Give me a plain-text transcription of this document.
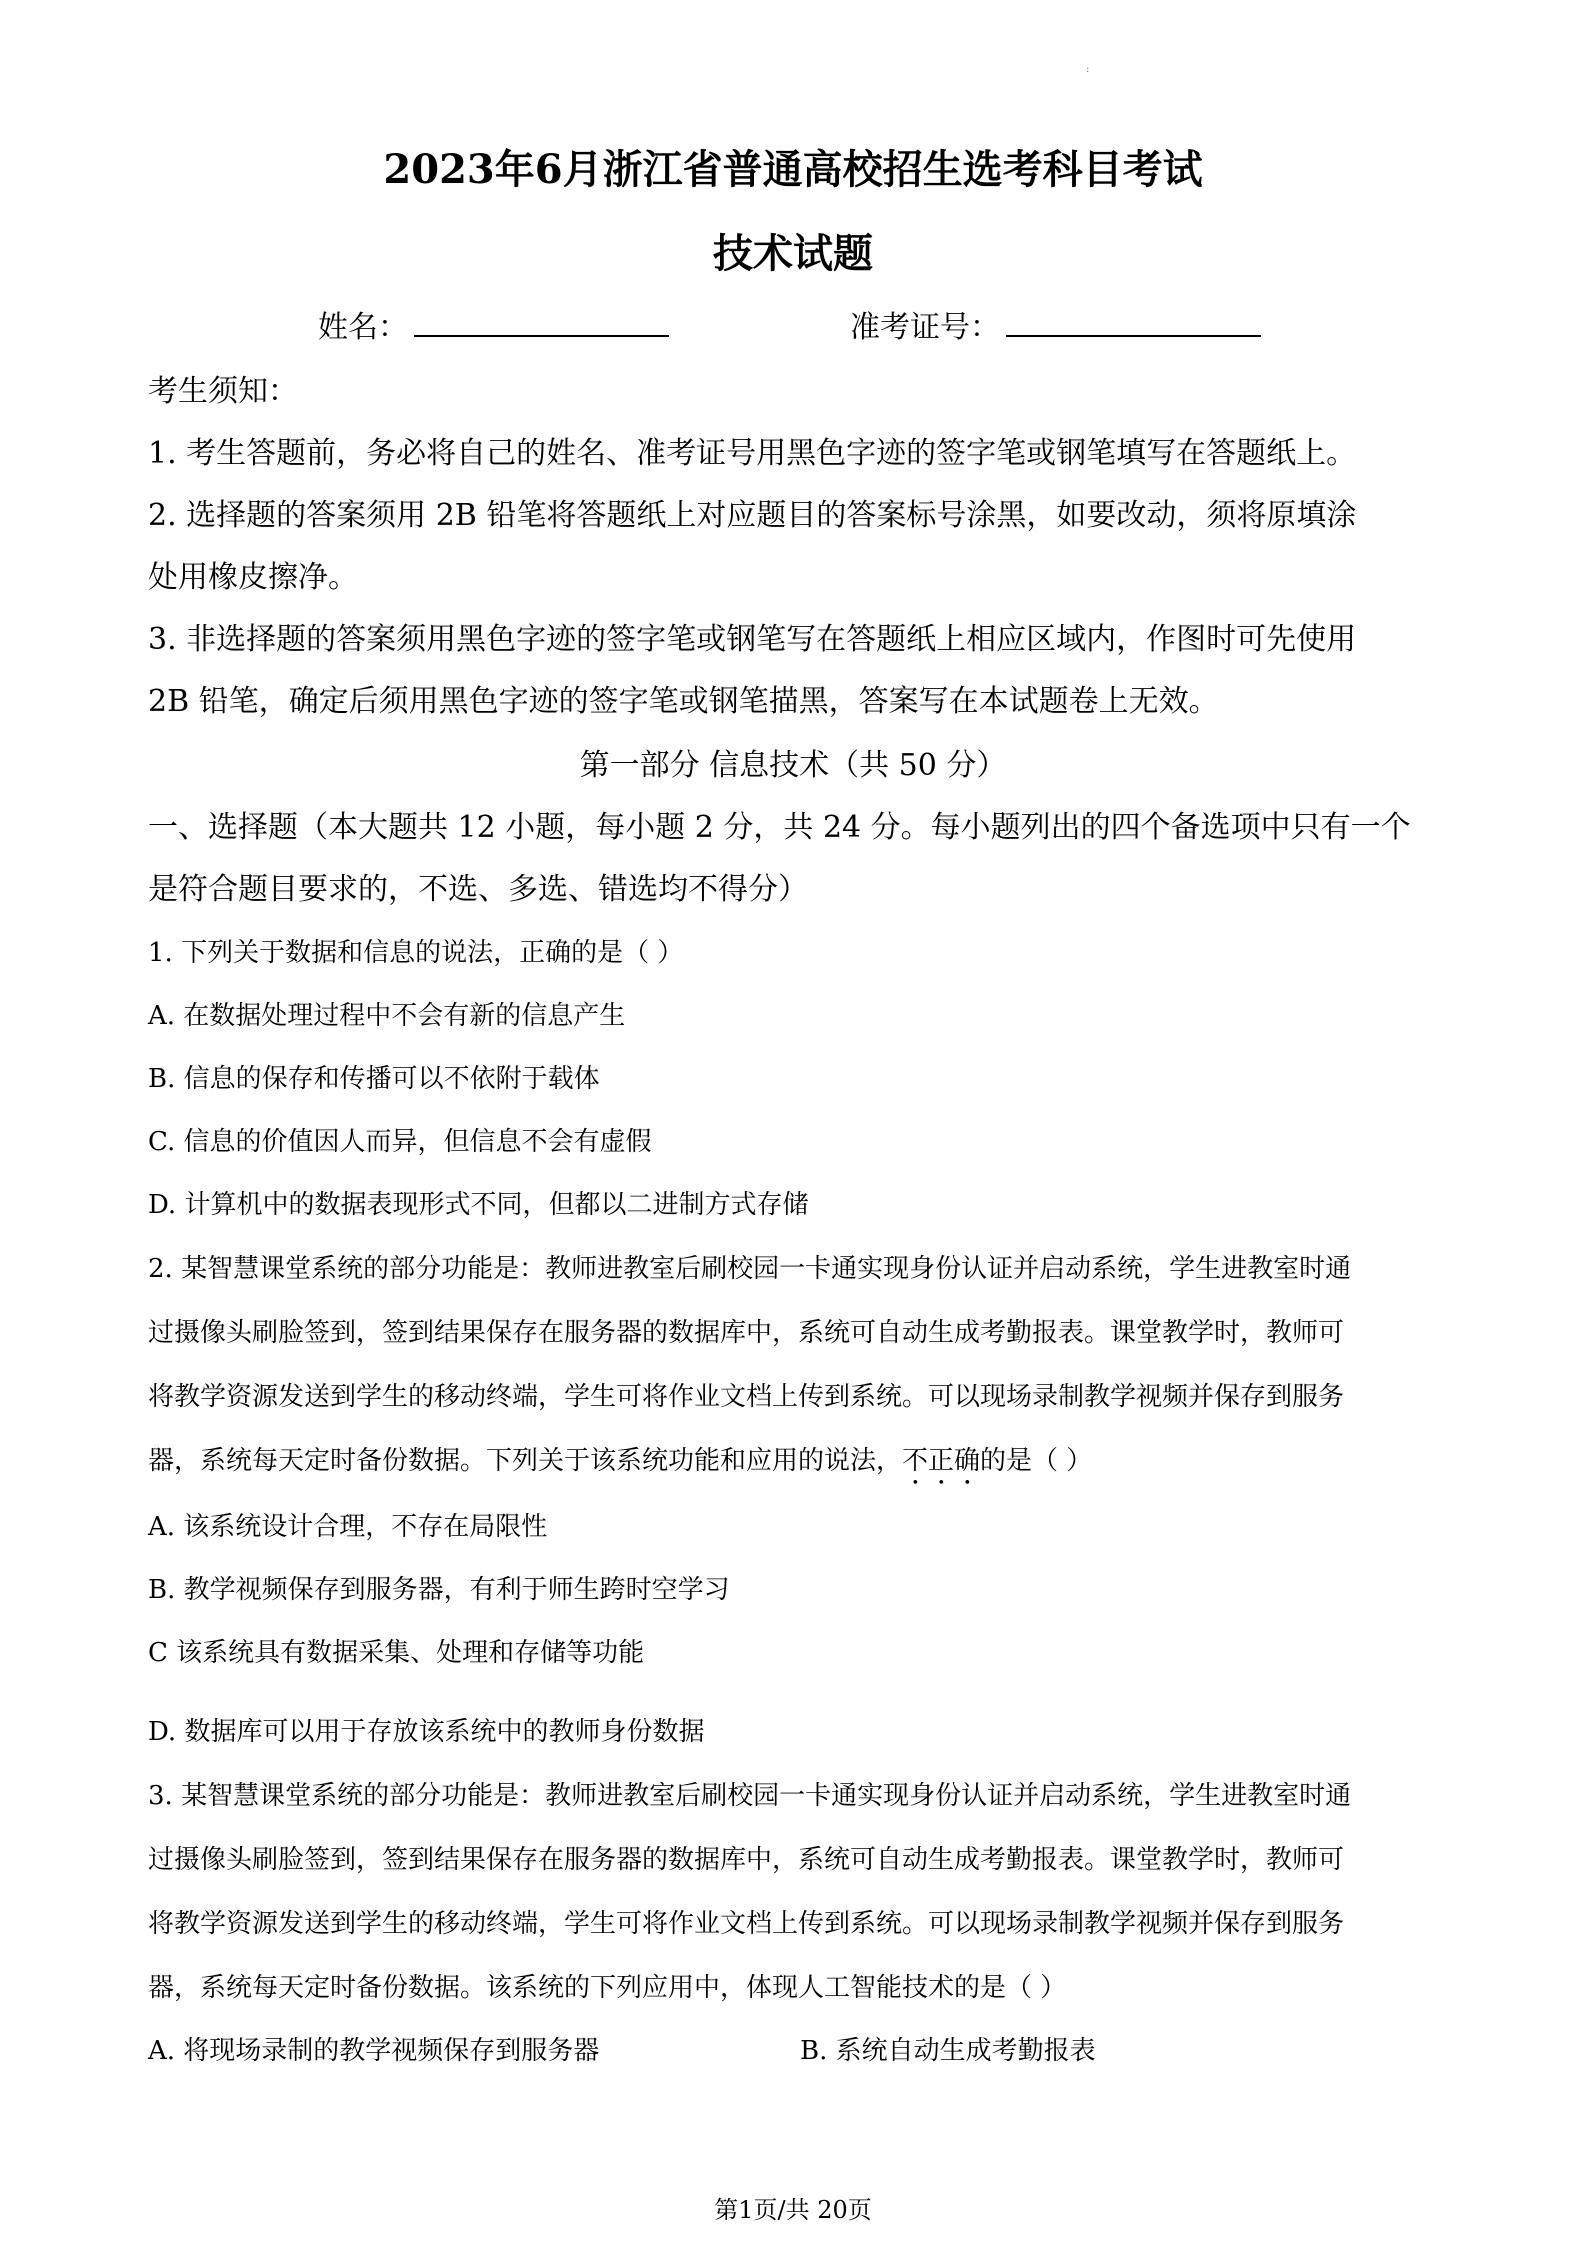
:
2023年6月浙江省普通高校招生选考科目考试
技术试题
姓名：	准考证号：
考生须知：
1. 考生答题前，务必将自己的姓名、准考证号用黑色字迹的签字笔或钢笔填写在答题纸上。
2. 选择题的答案须用 2B 铅笔将答题纸上对应题目的答案标号涂黑，如要改动，须将原填涂
处用橡皮擦净。
3. 非选择题的答案须用黑色字迹的签字笔或钢笔写在答题纸上相应区域内，作图时可先使用
2B 铅笔，确定后须用黑色字迹的签字笔或钢笔描黑，答案写在本试题卷上无效。
第一部分 信息技术（共 50 分）
一、选择题（本大题共 12 小题，每小题 2 分，共 24 分。每小题列出的四个备选项中只有一个
是符合题目要求的，不选、多选、错选均不得分）
1. 下列关于数据和信息的说法，正确的是（ ）
A. 在数据处理过程中不会有新的信息产生
B. 信息的保存和传播可以不依附于载体
C. 信息的价值因人而异，但信息不会有虚假
D. 计算机中的数据表现形式不同，但都以二进制方式存储
2. 某智慧课堂系统的部分功能是：教师进教室后刷校园一卡通实现身份认证并启动系统，学生进教室时通
过摄像头刷脸签到，签到结果保存在服务器的数据库中，系统可自动生成考勤报表。课堂教学时，教师可
将教学资源发送到学生的移动终端，学生可将作业文档上传到系统。可以现场录制教学视频并保存到服务
器，系统每天定时备份数据。下列关于该系统功能和应用的说法，不正确的是（ ）
A. 该系统设计合理，不存在局限性
B. 教学视频保存到服务器，有利于师生跨时空学习
C 该系统具有数据采集、处理和存储等功能
D. 数据库可以用于存放该系统中的教师身份数据
3. 某智慧课堂系统的部分功能是：教师进教室后刷校园一卡通实现身份认证并启动系统，学生进教室时通
过摄像头刷脸签到，签到结果保存在服务器的数据库中，系统可自动生成考勤报表。课堂教学时，教师可
将教学资源发送到学生的移动终端，学生可将作业文档上传到系统。可以现场录制教学视频并保存到服务
器，系统每天定时备份数据。该系统的下列应用中，体现人工智能技术的是（ ）
A. 将现场录制的教学视频保存到服务器	B. 系统自动生成考勤报表
第1页/共 20页
